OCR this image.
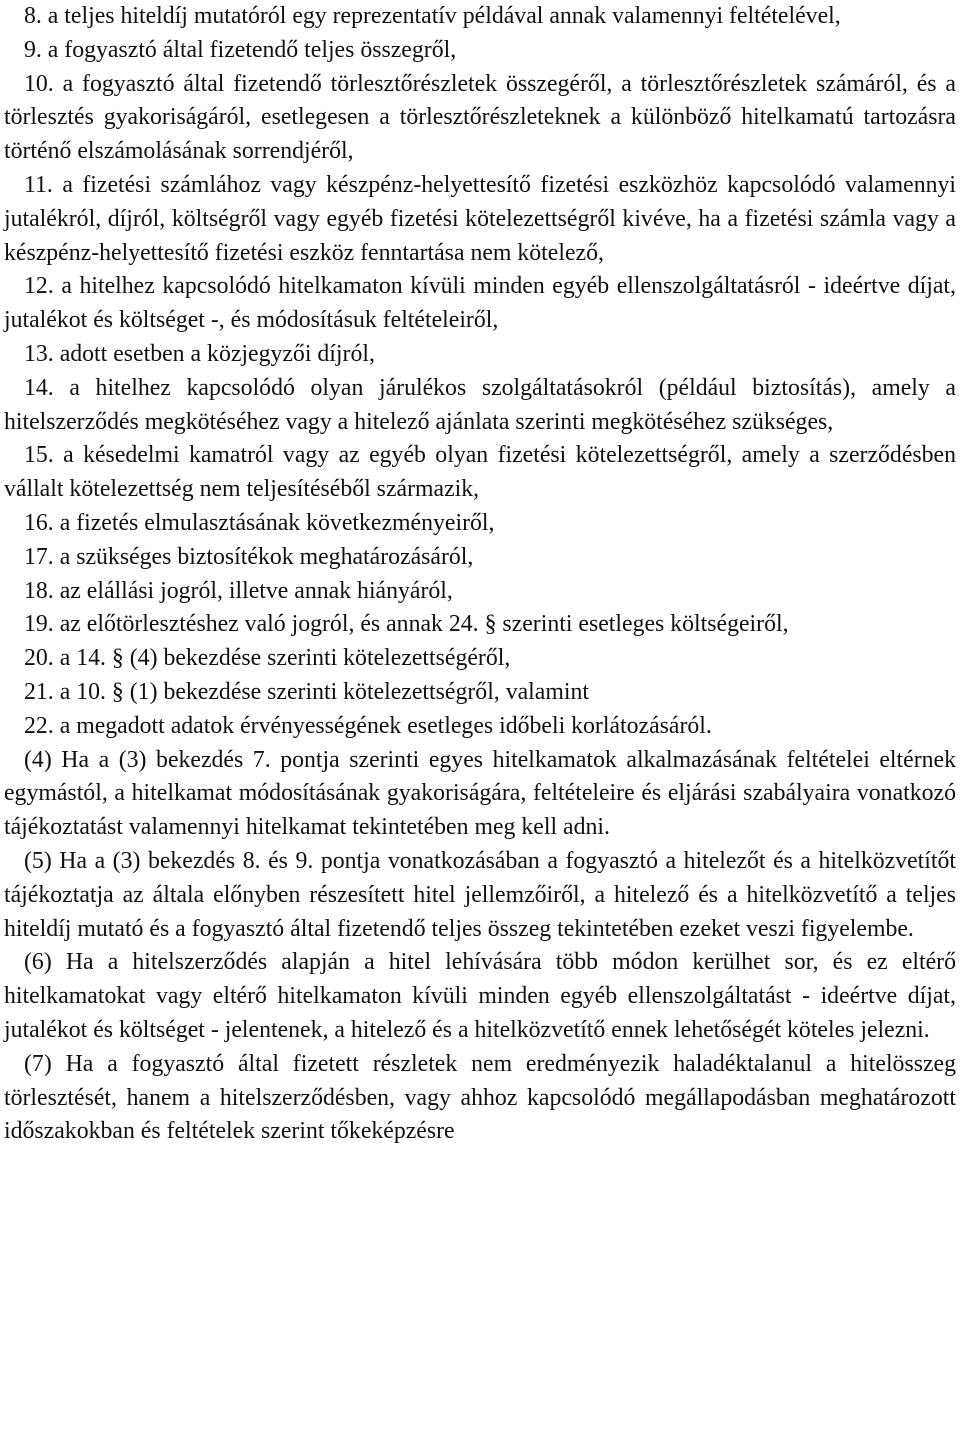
8. a teljes hiteldíj mutatóról egy reprezentatív példával annak valamennyi feltételével,

9. a fogyasztó által fizetendő teljes összegről,

10. a fogyasztó által fizetendő törlesztőrészletek összegéről, a törlesztőrészletek számáról, és a törlesztés gyakoriságáról, esetlegesen a törlesztőrészleteknek a különböző hitelkamatú tartozásra történő elszámolásának sorrendjéről,

11. a fizetési számlához vagy készpénz-helyettesítő fizetési eszközhöz kapcsolódó valamennyi jutalékról, díjról, költségről vagy egyéb fizetési kötelezettségről kivéve, ha a fizetési számla vagy a készpénz-helyettesítő fizetési eszköz fenntartása nem kötelező,

12. a hitelhez kapcsolódó hitelkamaton kívüli minden egyéb ellenszolgáltatásról - ideértve díjat, jutalékot és költséget -, és módosításuk feltételeiről,

13. adott esetben a közjegyzői díjról,

14. a hitelhez kapcsolódó olyan járulékos szolgáltatásokról (például biztosítás), amely a hitelszerződés megkötéséhez vagy a hitelező ajánlata szerinti megkötéséhez szükséges,

15. a késedelmi kamatról vagy az egyéb olyan fizetési kötelezettségről, amely a szerződésben vállalt kötelezettség nem teljesítéséből származik,

16. a fizetés elmulasztásának következményeiről,

17. a szükséges biztosítékok meghatározásáról,

18. az elállási jogról, illetve annak hiányáról,

19. az előtörlesztéshez való jogról, és annak 24. § szerinti esetleges költségeiről,

20. a 14. § (4) bekezdése szerinti kötelezettségéről,

21. a 10. § (1) bekezdése szerinti kötelezettségről, valamint

22. a megadott adatok érvényességének esetleges időbeli korlátozásáról.

(4) Ha a (3) bekezdés 7. pontja szerinti egyes hitelkamatok alkalmazásának feltételei eltérnek egymástól, a hitelkamat módosításának gyakoriságára, feltételeire és eljárási szabályaira vonatkozó tájékoztatást valamennyi hitelkamat tekintetében meg kell adni.

(5) Ha a (3) bekezdés 8. és 9. pontja vonatkozásában a fogyasztó a hitelezőt és a hitelközvetítőt tájékoztatja az általa előnyben részesített hitel jellemzőiről, a hitelező és a hitelközvetítő a teljes hiteldíj mutató és a fogyasztó által fizetendő teljes összeg tekintetében ezeket veszi figyelembe.

(6) Ha a hitelszerződés alapján a hitel lehívására több módon kerülhet sor, és ez eltérő hitelkamatokat vagy eltérő hitelkamaton kívüli minden egyéb ellenszolgáltatást - ideértve díjat, jutalékot és költséget - jelentenek, a hitelező és a hitelközvetítő ennek lehetőségét köteles jelezni.

(7) Ha a fogyasztó által fizetett részletek nem eredményezik haladéktalanul a hitelösszeg törlesztését, hanem a hitelszerződésben, vagy ahhoz kapcsolódó megállapodásban meghatározott időszakokban és feltételek szerint tőkeképzésre
